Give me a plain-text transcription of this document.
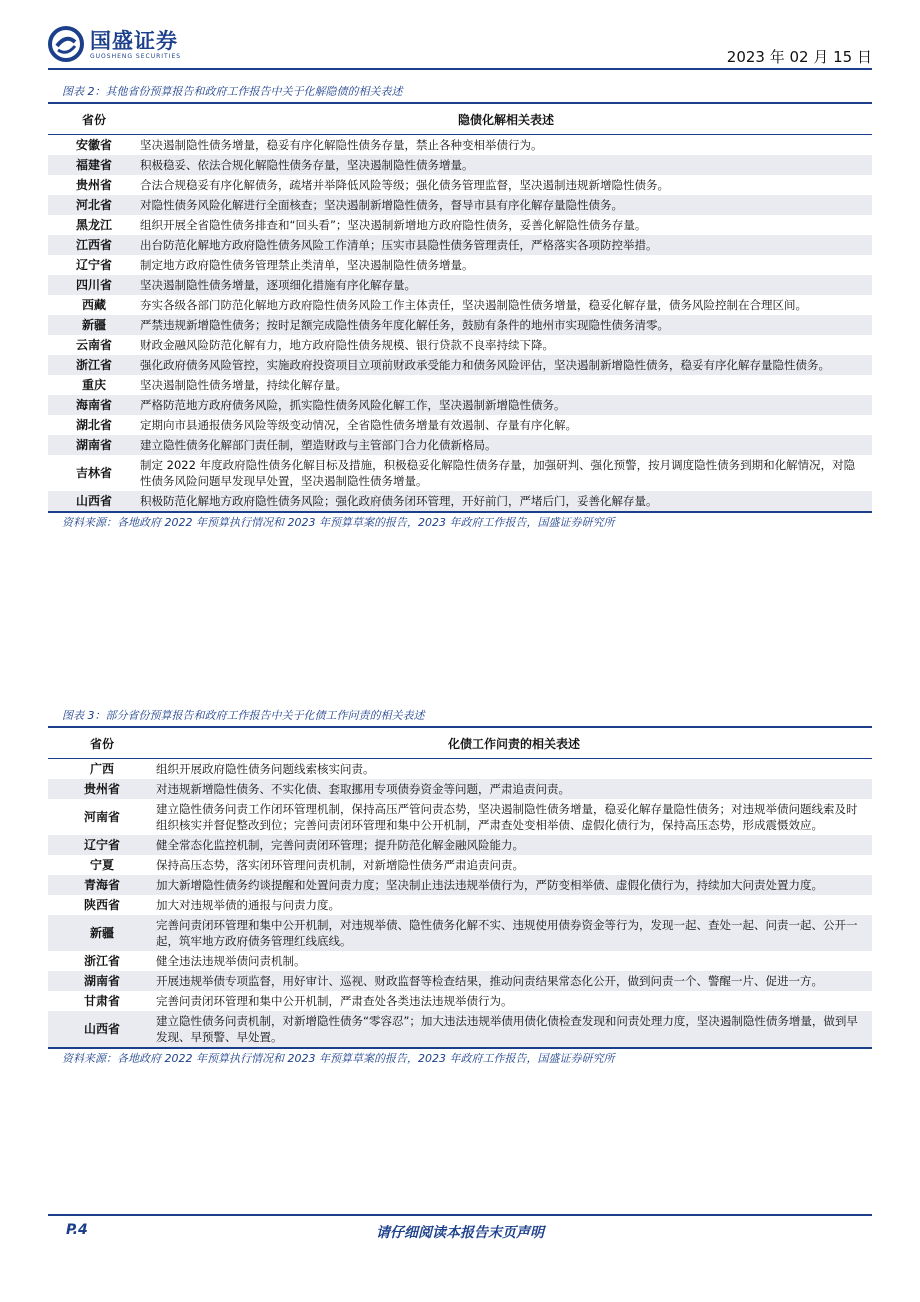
国盛证券
GUOSHENG SECURITIES	2023 年 02 月 15 日
图表 2：其他省份预算报告和政府工作报告中关于化解隐债的相关表述
省份	隐债化解相关表述
安徽省	坚决遏制隐性债务增量，稳妥有序化解隐性债务存量，禁止各种变相举债行为。
福建省	积极稳妥、依法合规化解隐性债务存量，坚决遏制隐性债务增量。
贵州省	合法合规稳妥有序化解债务，疏堵并举降低风险等级；强化债务管理监督，坚决遏制违规新增隐性债务。
河北省	对隐性债务风险化解进行全面核查；坚决遏制新增隐性债务，督导市县有序化解存量隐性债务。
黑龙江	组织开展全省隐性债务排查和“回头看”；坚决遏制新增地方政府隐性债务，妥善化解隐性债务存量。
江西省	出台防范化解地方政府隐性债务风险工作清单；压实市县隐性债务管理责任，严格落实各项防控举措。
辽宁省	制定地方政府隐性债务管理禁止类清单，坚决遏制隐性债务增量。
四川省	坚决遏制隐性债务增量，逐项细化措施有序化解存量。
西藏	夯实各级各部门防范化解地方政府隐性债务风险工作主体责任，坚决遏制隐性债务增量，稳妥化解存量，债务风险控制在合理区间。
新疆	严禁违规新增隐性债务；按时足额完成隐性债务年度化解任务，鼓励有条件的地州市实现隐性债务清零。
云南省	财政金融风险防范化解有力，地方政府隐性债务规模、银行贷款不良率持续下降。
浙江省	强化政府债务风险管控，实施政府投资项目立项前财政承受能力和债务风险评估，坚决遏制新增隐性债务，稳妥有序化解存量隐性债务。
重庆	坚决遏制隐性债务增量，持续化解存量。
海南省	严格防范地方政府债务风险，抓实隐性债务风险化解工作，坚决遏制新增隐性债务。
湖北省	定期向市县通报债务风险等级变动情况，全省隐性债务增量有效遏制、存量有序化解。
湖南省	建立隐性债务化解部门责任制，塑造财政与主管部门合力化债新格局。
吉林省	制定 2022 年度政府隐性债务化解目标及措施，积极稳妥化解隐性债务存量，加强研判、强化预警，按月调度隐性债务到期和化解情况，对隐性债务风险问题早发现早处置，坚决遏制隐性债务增量。
山西省	积极防范化解地方政府隐性债务风险；强化政府债务闭环管理，开好前门，严堵后门，妥善化解存量。
资料来源：各地政府 2022 年预算执行情况和 2023 年预算草案的报告，2023 年政府工作报告，国盛证券研究所
图表 3：部分省份预算报告和政府工作报告中关于化债工作问责的相关表述
省份	化债工作问责的相关表述
广西	组织开展政府隐性债务问题线索核实问责。
贵州省	对违规新增隐性债务、不实化债、套取挪用专项债券资金等问题，严肃追责问责。
河南省	建立隐性债务问责工作闭环管理机制，保持高压严管问责态势，坚决遏制隐性债务增量，稳妥化解存量隐性债务；对违规举债问题线索及时组织核实并督促整改到位；完善问责闭环管理和集中公开机制，严肃查处变相举债、虚假化债行为，保持高压态势，形成震慑效应。
辽宁省	健全常态化监控机制，完善问责闭环管理；提升防范化解金融风险能力。
宁夏	保持高压态势，落实闭环管理问责机制，对新增隐性债务严肃追责问责。
青海省	加大新增隐性债务约谈提醒和处置问责力度；坚决制止违法违规举债行为，严防变相举债、虚假化债行为，持续加大问责处置力度。
陕西省	加大对违规举债的通报与问责力度。
新疆	完善问责闭环管理和集中公开机制，对违规举债、隐性债务化解不实、违规使用债券资金等行为，发现一起、查处一起、问责一起、公开一起，筑牢地方政府债务管理红线底线。
浙江省	健全违法违规举债问责机制。
湖南省	开展违规举债专项监督，用好审计、巡视、财政监督等检查结果，推动问责结果常态化公开，做到问责一个、警醒一片、促进一方。
甘肃省	完善问责闭环管理和集中公开机制，严肃查处各类违法违规举债行为。
山西省	建立隐性债务问责机制，对新增隐性债务“零容忍”；加大违法违规举债用债化债检查发现和问责处理力度，坚决遏制隐性债务增量，做到早发现、早预警、早处置。
资料来源：各地政府 2022 年预算执行情况和 2023 年预算草案的报告，2023 年政府工作报告，国盛证券研究所
请仔细阅读本报告末页声明
P.4
